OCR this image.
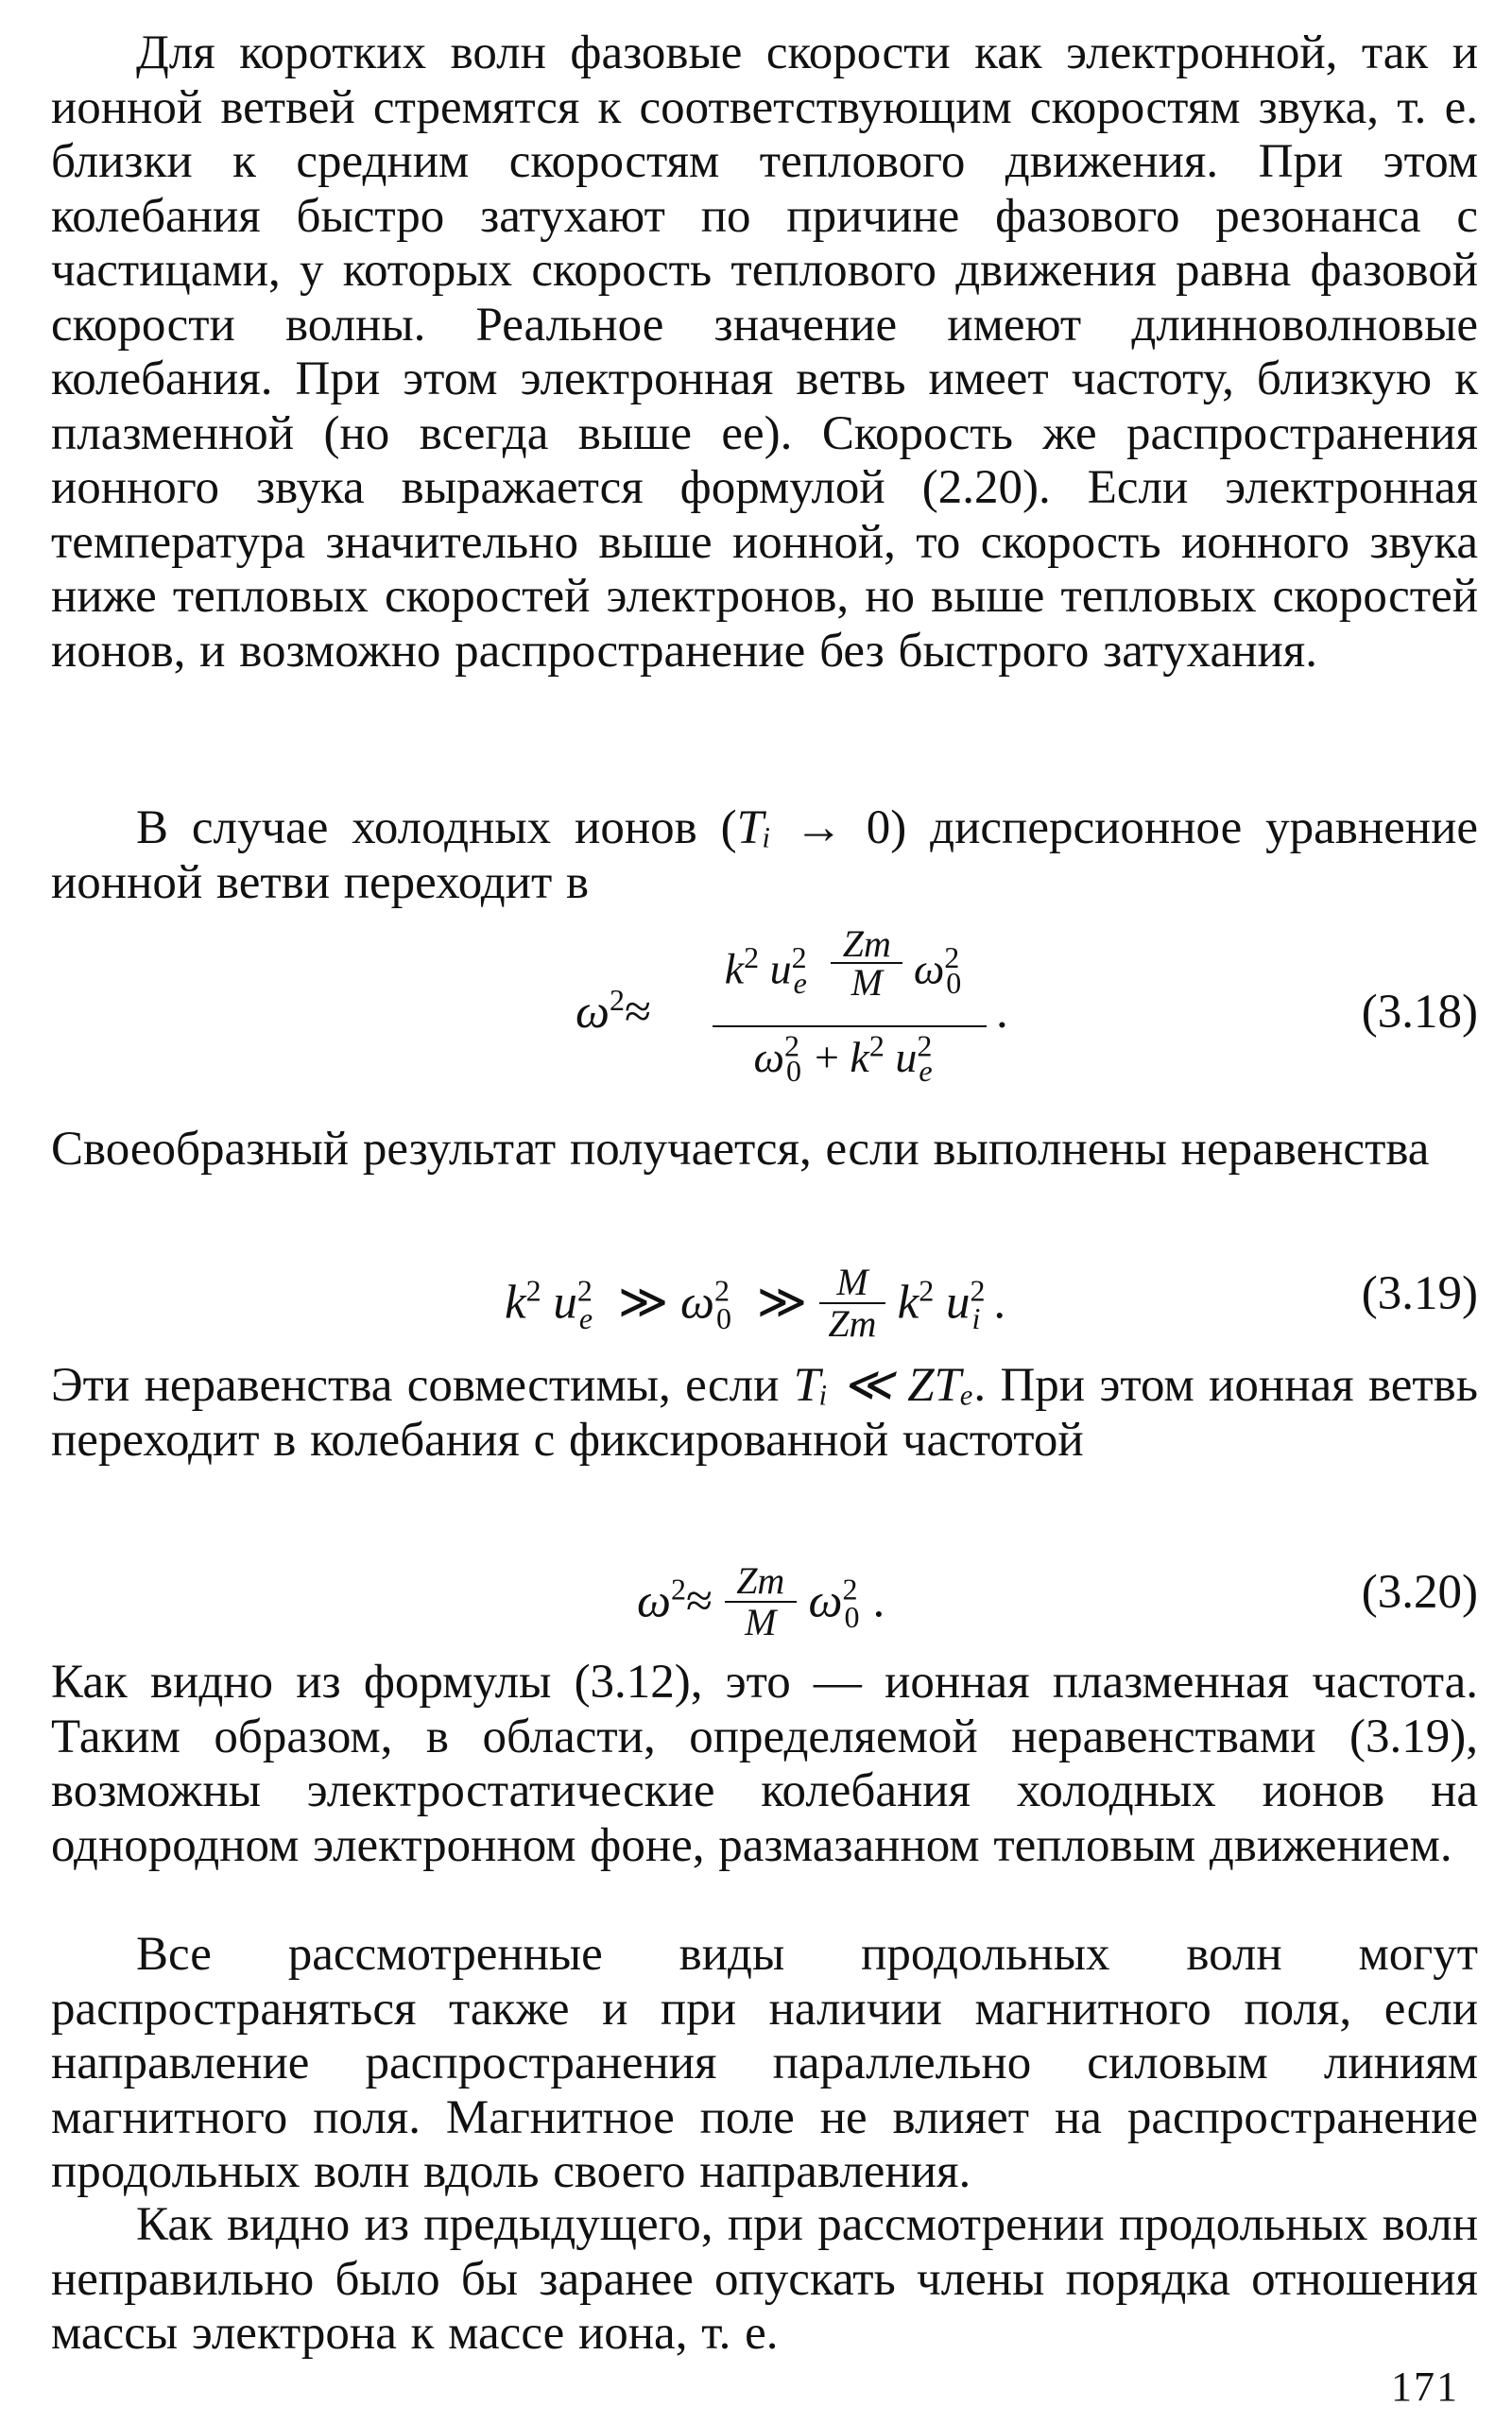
Для коротких волн фазовые скорости как электронной, так и ионной ветвей стремятся к соответствующим скоростям звука, т. е. близки к средним скоростям теплового движения. При этом колебания быстро затухают по причине фазового резонанса с частицами, у которых скорость теплового движения равна фазовой скорости волны. Реальное значение имеют длинноволновые колебания. При этом электронная ветвь имеет частоту, близкую к плазменной (но всегда выше ее). Скорость же распространения ионного звука выражается формулой (2.20). Если электронная температура значительно выше ионной, то скорость ионного звука ниже тепловых скоростей электронов, но выше тепловых скоростей ионов, и возможно распространение без быстрого затухания.

В случае холодных ионов (Tᵢ → 0) дисперсионное уравнение ионной ветви переходит в

$\omega^2\approx$
$k^2$ $u^2_e \frac{Zm}{M} \omega^2_0$
$\omega^2_0 + k^2$ $u^2_e$
.	(3.18)

Своеобразный результат получается, если выполнены неравенства

$k^2$ $u^2_e$ ≫ $\omega^2_0$ ≫ $\frac{M}{Zm} k^2$ $u^2_i$ .	(3.19)

Эти неравенства совместимы, если Tᵢ ≪ ZTₑ. При этом ионная ветвь переходит в колебания с фиксированной частотой

$\omega^2\approx \frac{Zm}{M} \omega^2_0$ .	(3.20)

Как видно из формулы (3.12), это — ионная плазменная частота. Таким образом, в области, определяемой неравенствами (3.19), возможны электростатические колебания холодных ионов на однородном электронном фоне, размазанном тепловым движением.

Все рассмотренные виды продольных волн могут распространяться также и при наличии магнитного поля, если направление распространения параллельно силовым линиям магнитного поля. Магнитное поле не влияет на распространение продольных волн вдоль своего направления.

Как видно из предыдущего, при рассмотрении продольных волн неправильно было бы заранее опускать члены порядка отношения массы электрона к массе иона, т. е.

171
